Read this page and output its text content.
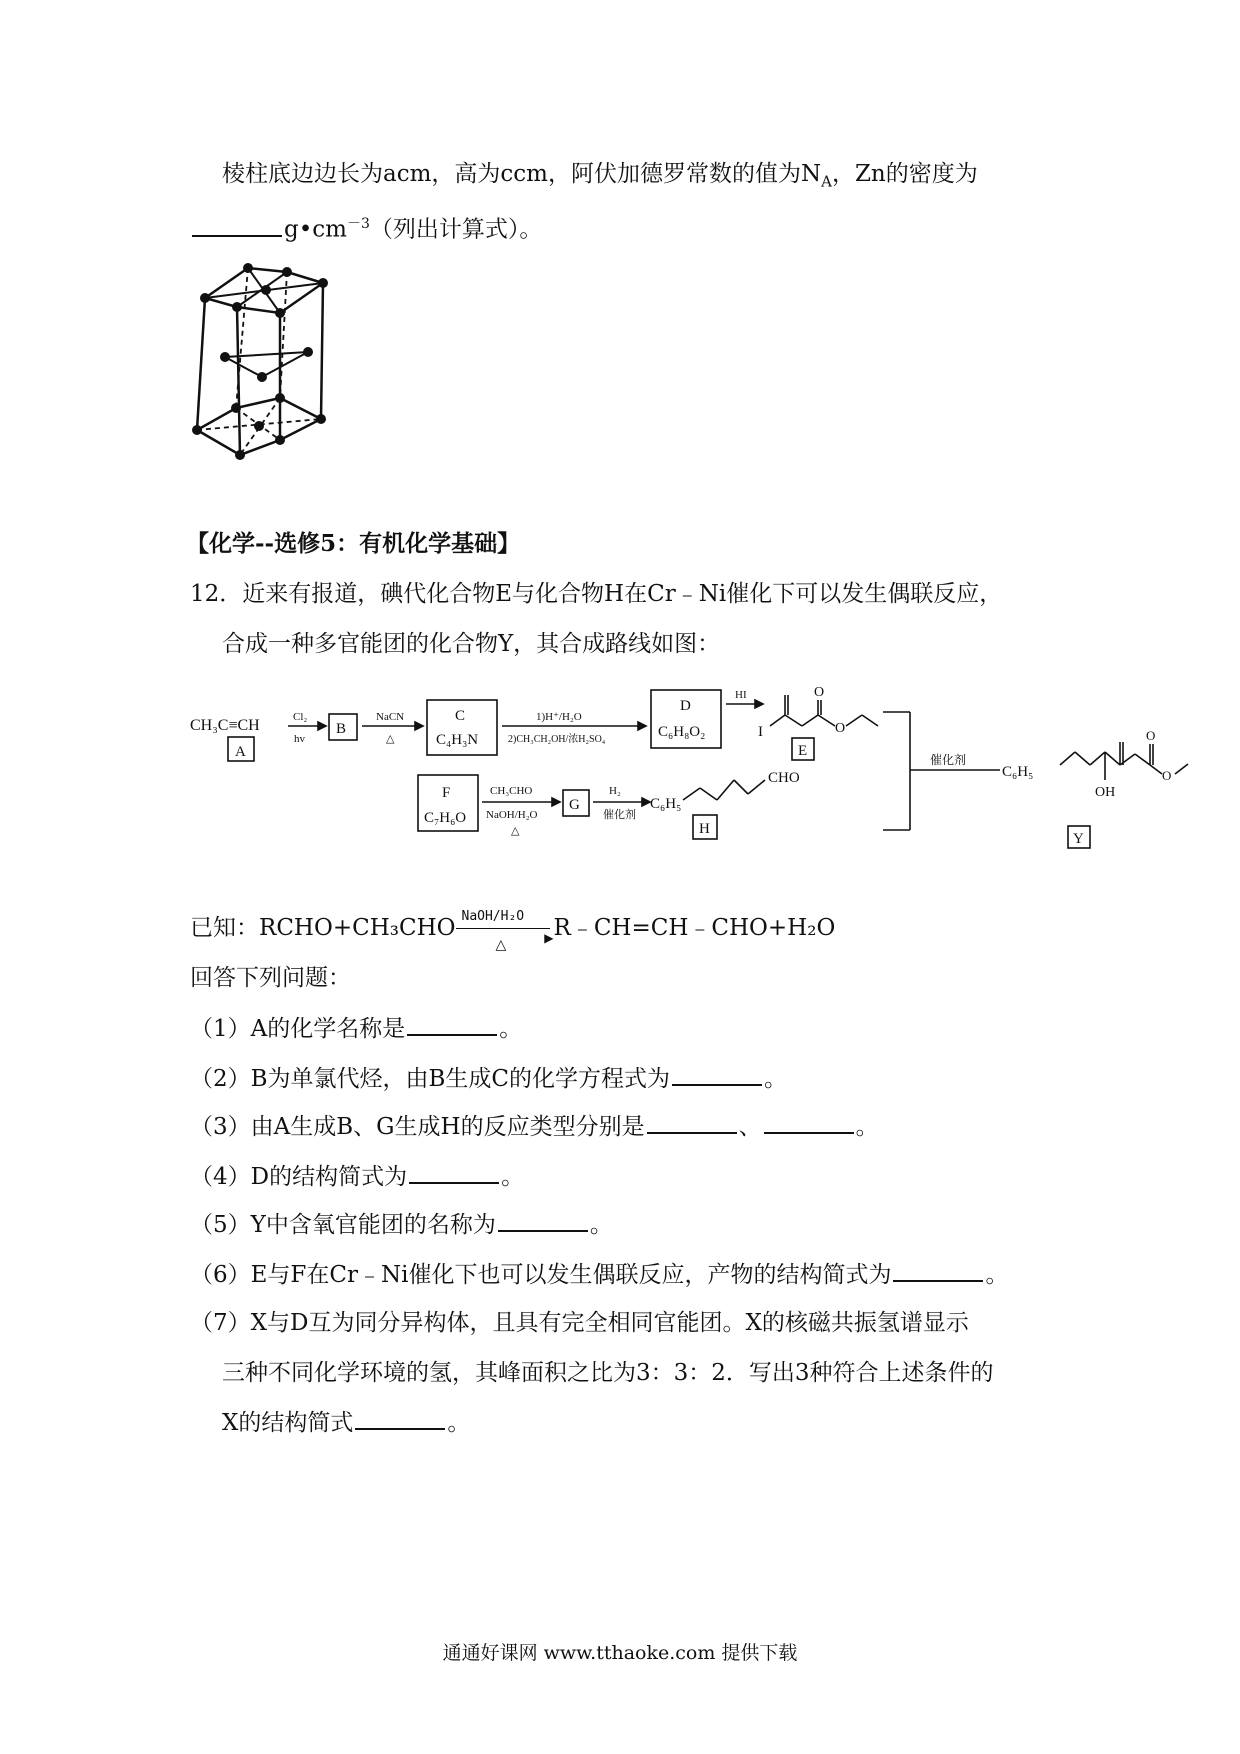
棱柱底边边长为acm，高为ccm，阿伏加德罗常数的值为$N_A$，Zn的密度为
$g•cm^{-3}$（列出计算式）。
【化学--选修5：有机化学基础】
12．近来有报道，碘代化合物E与化合物H在Cr﹣Ni催化下可以发生偶联反应，
合成一种多官能团的化合物Y，其合成路线如图：
CH₃C≡CH
A
Cl₂
hv
B
NaCN
△
C
C₄H₃N
1)H⁺/H₂O
2)CH₃CH₂OH/浓H₂SO₄
D
C₆H₈O₂
HI
I
O
O
E
催化剂
C₆H₅
O
O
OH
Y
F
C₇H₆O
CH₃CHO
NaOH/H₂O
△
G
H₂
催化剂
C₆H₅
CHO
H
已知：RCHO+CH₃CHO NaOH/H₂O
▶
△
R﹣CH=CH﹣CHO+H₂O
回答下列问题：
（1）A的化学名称是	。
（2）B为单氯代烃，由B生成C的化学方程式为	。
（3）由A生成B、G生成H的反应类型分别是	、	。
（4）D的结构简式为	。
（5）Y中含氧官能团的名称为	。
（6）E与F在Cr﹣Ni催化下也可以发生偶联反应，产物的结构简式为	。
（7）X与D互为同分异构体，且具有完全相同官能团。X的核磁共振氢谱显示
三种不同化学环境的氢，其峰面积之比为3：3：2．写出3种符合上述条件的
X的结构简式	。
通通好课网 www.tthaoke.com 提供下载
